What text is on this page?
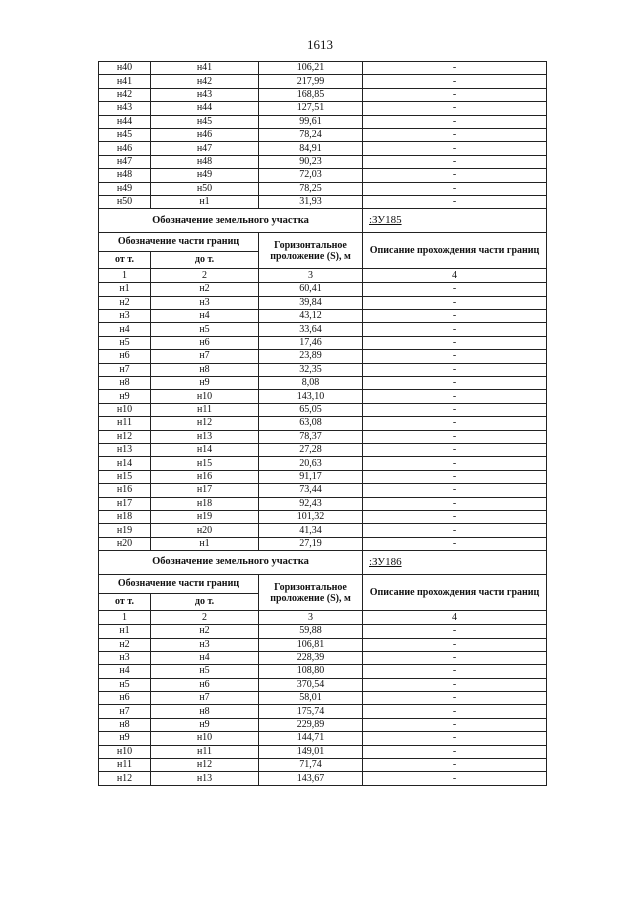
1613
н40	н41	106,21	-
н41	н42	217,99	-
н42	н43	168,85	-
н43	н44	127,51	-
н44	н45	99,61	-
н45	н46	78,24	-
н46	н47	84,91	-
н47	н48	90,23	-
н48	н49	72,03	-
н49	н50	78,25	-
н50	н1	31,93	-
Обозначение земельного участка			:ЗУ185
Обозначение части границ		Горизонтальное проложение (S), м	Описание прохождения части границ
от т.	до т.		
1	2	3	4
н1	н2	60,41	-
н2	н3	39,84	-
н3	н4	43,12	-
н4	н5	33,64	-
н5	н6	17,46	-
н6	н7	23,89	-
н7	н8	32,35	-
н8	н9	8,08	-
н9	н10	143,10	-
н10	н11	65,05	-
н11	н12	63,08	-
н12	н13	78,37	-
н13	н14	27,28	-
н14	н15	20,63	-
н15	н16	91,17	-
н16	н17	73,44	-
н17	н18	92,43	-
н18	н19	101,32	-
н19	н20	41,34	-
н20	н1	27,19	-
Обозначение земельного участка			:ЗУ186
Обозначение части границ		Горизонтальное проложение (S), м	Описание прохождения части границ
от т.	до т.		
1	2	3	4
н1	н2	59,88	-
н2	н3	106,81	-
н3	н4	228,39	-
н4	н5	108,80	-
н5	н6	370,54	-
н6	н7	58,01	-
н7	н8	175,74	-
н8	н9	229,89	-
н9	н10	144,71	-
н10	н11	149,01	-
н11	н12	71,74	-
н12	н13	143,67	-
